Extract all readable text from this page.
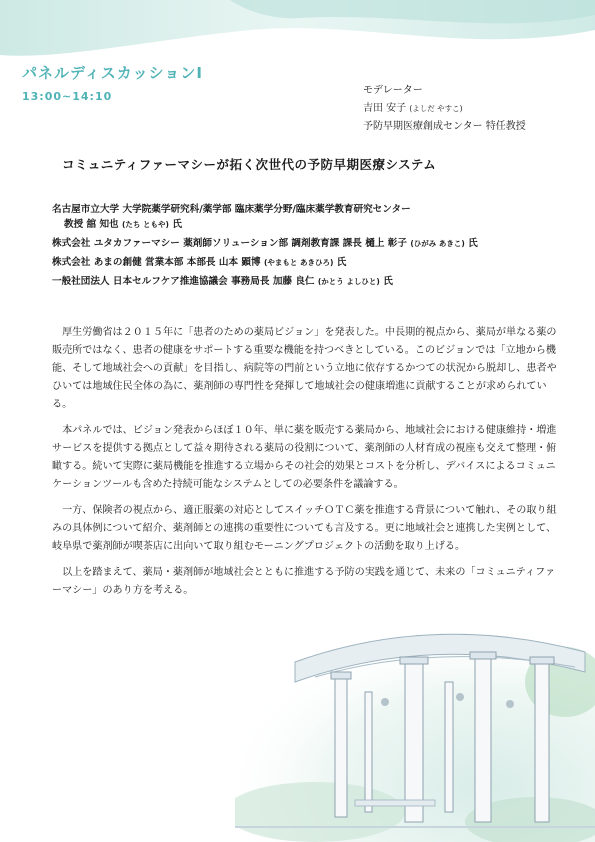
パネルディスカッションⅠ
13:00~14:10	モデレーター
吉田 安子 (よしだ やすこ)
予防早期医療創成センター 特任教授
コミュニティファーマシーが拓く次世代の予防早期医療システム
名古屋市立大学 大学院薬学研究科/薬学部 臨床薬学分野/臨床薬学教育研究センター
教授 舘 知也 (たち ともや) 氏
株式会社 ユタカファーマシー 薬剤師ソリューション部 調剤教育課 課長 樋上 彰子 (ひがみ あきこ) 氏
株式会社 あまの創健 営業本部 本部長 山本 顕博 (やまもと あきひろ) 氏
一般社団法人 日本セルフケア推進協議会 事務局長 加藤 良仁 (かとう よしひと) 氏

　厚生労働省は２０１５年に「患者のための薬局ビジョン」を発表した。中長期的視点から、薬局が単なる薬の販売所ではなく、患者の健康をサポートする重要な機能を持つべきとしている。このビジョンでは「立地から機能、そして地域社会への貢献」を目指し、病院等の門前という立地に依存するかつての状況から脱却し、患者やひいては地域住民全体の為に、薬剤師の専門性を発揮して地域社会の健康増進に貢献することが求められている。

　本パネルでは、ビジョン発表からほぼ１０年、単に薬を販売する薬局から、地域社会における健康維持・増進サービスを提供する拠点として益々期待される薬局の役割について、薬剤師の人材育成の視座も交えて整理・俯瞰する。続いて実際に薬局機能を推進する立場からその社会的効果とコストを分析し、デバイスによるコミュニケーションツールも含めた持続可能なシステムとしての必要条件を議論する。

　一方、保険者の視点から、適正服薬の対応としてスイッチＯＴＣ薬を推進する背景について触れ、その取り組みの具体例について紹介、薬剤師との連携の重要性についても言及する。更に地域社会と連携した実例として、岐阜県で薬剤師が喫茶店に出向いて取り組むモーニングプロジェクトの活動を取り上げる。

　以上を踏まえて、薬局・薬剤師が地域社会とともに推進する予防の実践を通じて、未来の「コミュニティファーマシー」のあり方を考える。
